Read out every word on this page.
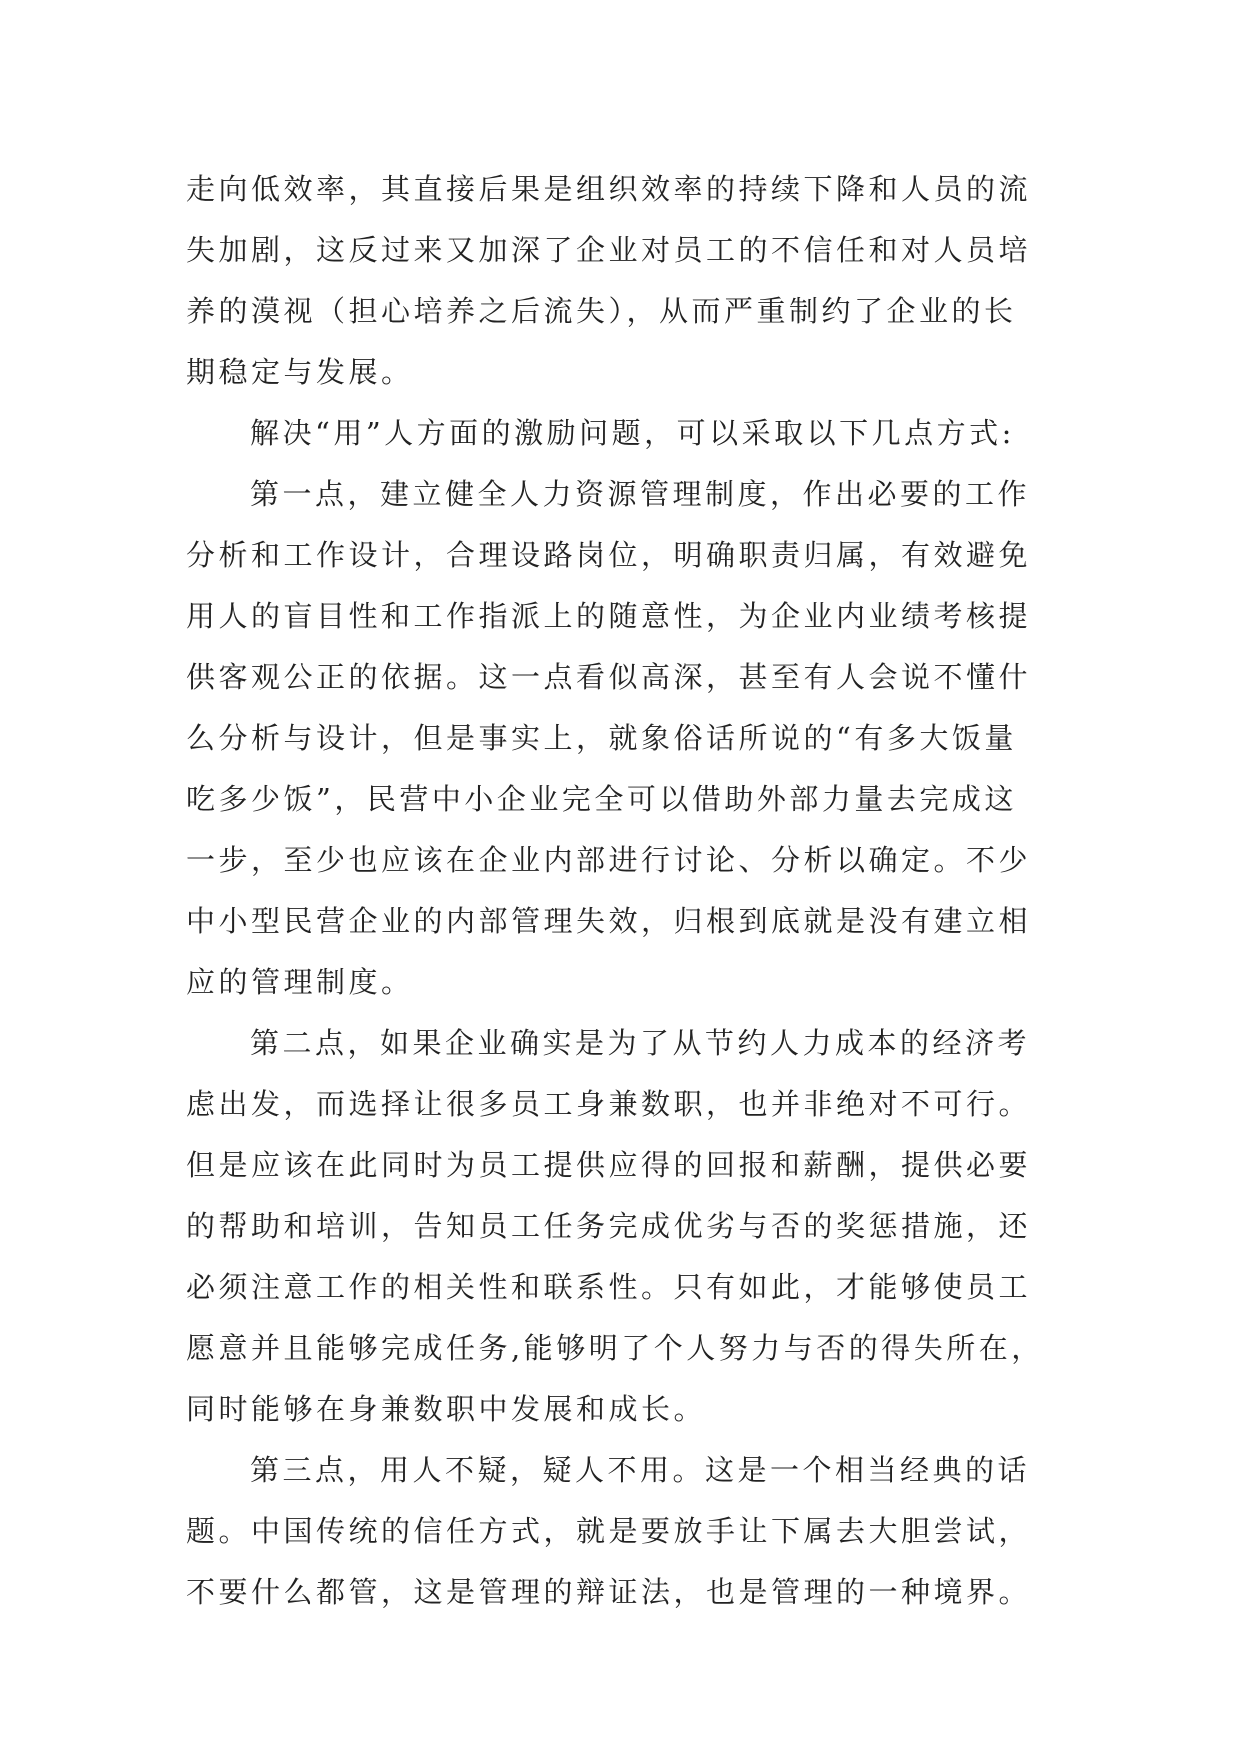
走向低效率，其直接后果是组织效率的持续下降和人员的流
失加剧，这反过来又加深了企业对员工的不信任和对人员培
养的漠视（担心培养之后流失），从而严重制约了企业的长
期稳定与发展。
解决“用”人方面的激励问题，可以采取以下几点方式:
第一点，建立健全人力资源管理制度，作出必要的工作
分析和工作设计，合理设路岗位，明确职责归属，有效避免
用人的盲目性和工作指派上的随意性，为企业内业绩考核提
供客观公正的依据。这一点看似高深，甚至有人会说不懂什
么分析与设计，但是事实上，就象俗话所说的“有多大饭量
吃多少饭”，民营中小企业完全可以借助外部力量去完成这
一步，至少也应该在企业内部进行讨论、分析以确定。不少
中小型民营企业的内部管理失效，归根到底就是没有建立相
应的管理制度。
第二点，如果企业确实是为了从节约人力成本的经济考
虑出发，而选择让很多员工身兼数职，也并非绝对不可行。
但是应该在此同时为员工提供应得的回报和薪酬，提供必要
的帮助和培训，告知员工任务完成优劣与否的奖惩措施，还
必须注意工作的相关性和联系性。只有如此，才能够使员工
愿意并且能够完成任务,能够明了个人努力与否的得失所在，
同时能够在身兼数职中发展和成长。
第三点，用人不疑，疑人不用。这是一个相当经典的话
题。中国传统的信任方式，就是要放手让下属去大胆尝试，
不要什么都管，这是管理的辩证法，也是管理的一种境界。
